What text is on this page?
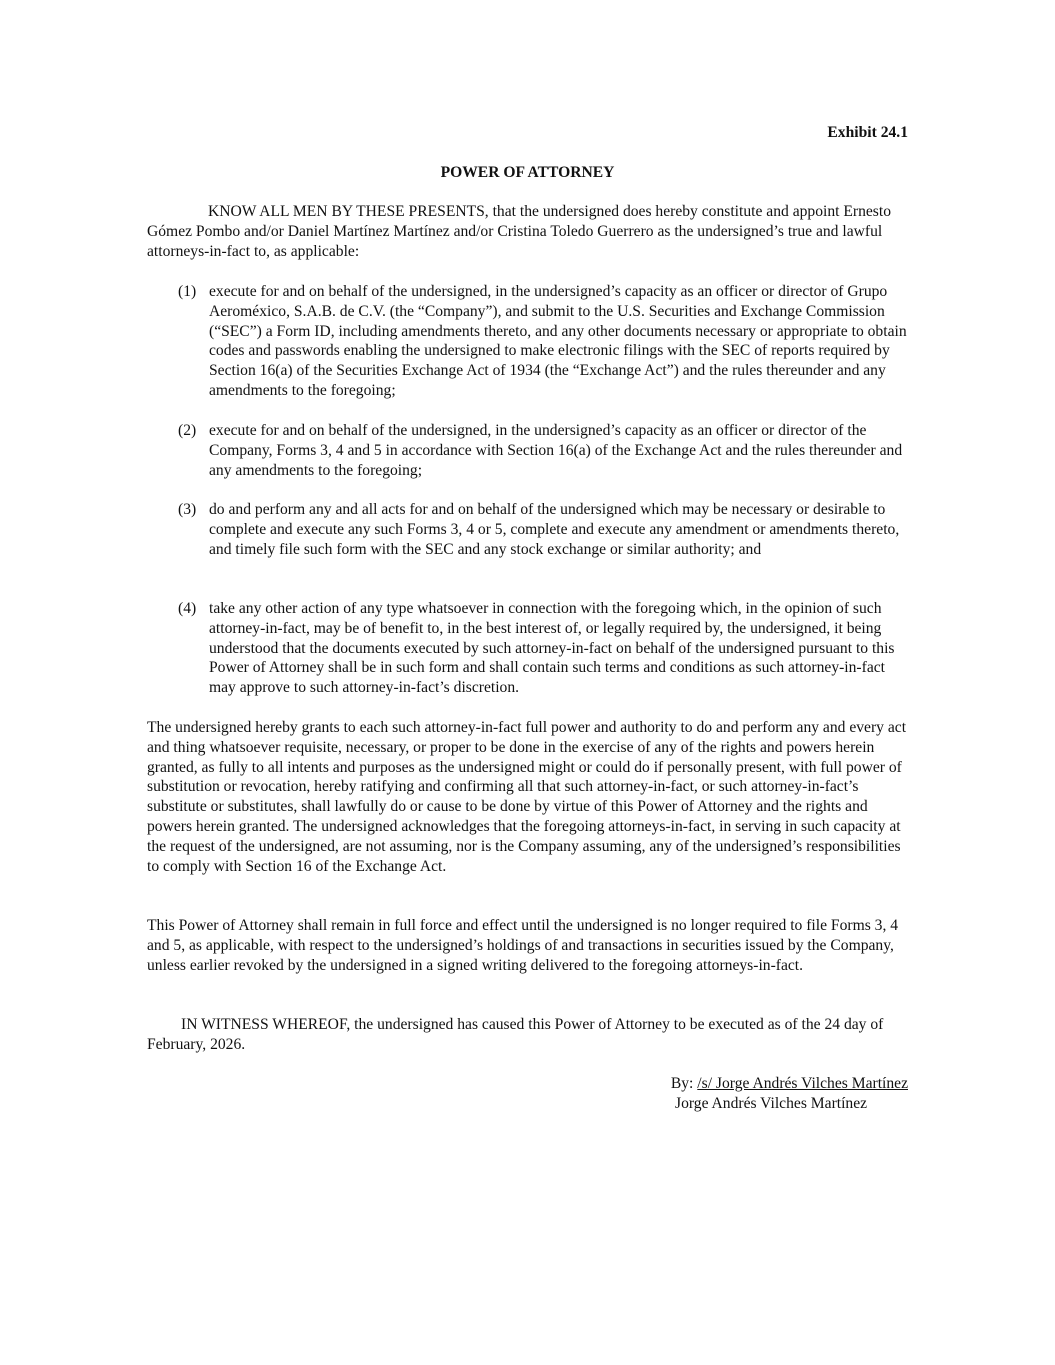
Exhibit 24.1
POWER OF ATTORNEY

KNOW ALL MEN BY THESE PRESENTS, that the undersigned does hereby constitute and appoint Ernesto Gómez Pombo and/or Daniel Martínez Martínez and/or Cristina Toledo Guerrero as the undersigned’s true and lawful attorneys-in-fact to, as applicable:

(1) execute for and on behalf of the undersigned, in the undersigned’s capacity as an officer or director of Grupo Aeroméxico, S.A.B. de C.V. (the “Company”), and submit to the U.S. Securities and Exchange Commission (“SEC”) a Form ID, including amendments thereto, and any other documents necessary or appropriate to obtain codes and passwords enabling the undersigned to make electronic filings with the SEC of reports required by Section 16(a) of the Securities Exchange Act of 1934 (the “Exchange Act”) and the rules thereunder and any amendments to the foregoing;
(2) execute for and on behalf of the undersigned, in the undersigned’s capacity as an officer or director of the Company, Forms 3, 4 and 5 in accordance with Section 16(a) of the Exchange Act and the rules thereunder and any amendments to the foregoing;
(3) do and perform any and all acts for and on behalf of the undersigned which may be necessary or desirable to complete and execute any such Forms 3, 4 or 5, complete and execute any amendment or amendments thereto, and timely file such form with the SEC and any stock exchange or similar authority; and
(4) take any other action of any type whatsoever in connection with the foregoing which, in the opinion of such attorney-in-fact, may be of benefit to, in the best interest of, or legally required by, the undersigned, it being understood that the documents executed by such attorney-in-fact on behalf of the undersigned pursuant to this Power of Attorney shall be in such form and shall contain such terms and conditions as such attorney-in-fact may approve to such attorney-in-fact’s discretion.

The undersigned hereby grants to each such attorney-in-fact full power and authority to do and perform any and every act and thing whatsoever requisite, necessary, or proper to be done in the exercise of any of the rights and powers herein granted, as fully to all intents and purposes as the undersigned might or could do if personally present, with full power of substitution or revocation, hereby ratifying and confirming all that such attorney-in-fact, or such attorney-in-fact’s substitute or substitutes, shall lawfully do or cause to be done by virtue of this Power of Attorney and the rights and powers herein granted. The undersigned acknowledges that the foregoing attorneys-in-fact, in serving in such capacity at the request of the undersigned, are not assuming, nor is the Company assuming, any of the undersigned’s responsibilities to comply with Section 16 of the Exchange Act.

This Power of Attorney shall remain in full force and effect until the undersigned is no longer required to file Forms 3, 4 and 5, as applicable, with respect to the undersigned’s holdings of and transactions in securities issued by the Company, unless earlier revoked by the undersigned in a signed writing delivered to the foregoing attorneys-in-fact.

IN WITNESS WHEREOF, the undersigned has caused this Power of Attorney to be executed as of the 24 day of February, 2026.

By: /s/ Jorge Andrés Vilches Martínez
Jorge Andrés Vilches Martínez
